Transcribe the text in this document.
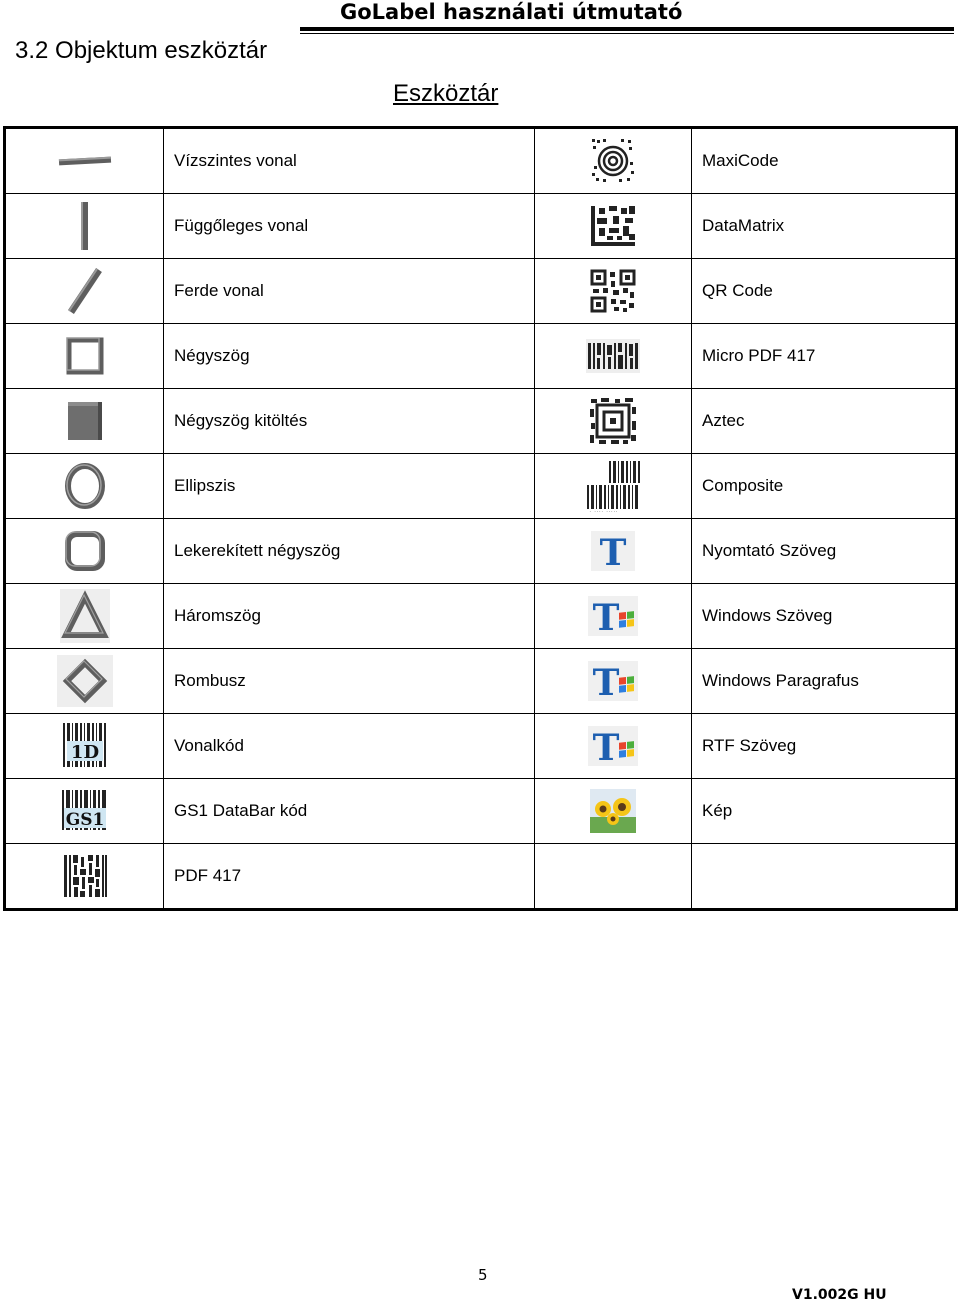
GoLabel használati útmutató
3.2 Objektum eszköztár
Eszköztár
	Vízszintes vonal		MaxiCode

	Függőleges vonal		DataMatrix

	Ferde vonal		QR Code

	Négyszög		Micro PDF 417

	Négyszög kitöltés		Aztec

	Ellipszis	· ···· ·····	Composite

	Lekerekített négyszög	T	Nyomtató Szöveg

	Háromszög	T	Windows Szöveg

	Rombusz	T	Windows Paragrafus

1D	Vonalkód	T	RTF Szöveg

GS1	GS1 DataBar kód		Kép

	PDF 417		
5
V1.002G HU
